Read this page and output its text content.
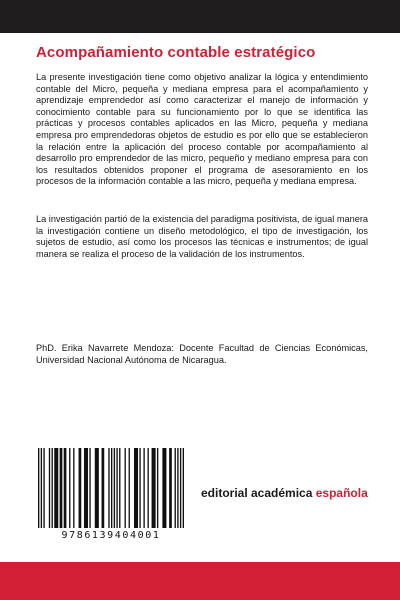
Acompañamiento contable estratégico

La presente investigación tiene como objetivo analizar la lógica y entendimiento contable del Micro, pequeña y mediana empresa para el acompañamiento y aprendizaje emprendedor así como caracterizar el manejo de información y conocimiento contable para su funcionamiento por lo que se identifica las prácticas y procesos contables aplicados en las Micro, pequeña y mediana empresa pro emprendedoras objetos de estudio es por ello que se establecieron la relación entre la aplicación del proceso contable por acompañamiento al desarrollo pro emprendedor de las micro, pequeño y mediano empresa para con los resultados obtenidos proponer el programa de asesoramiento en los procesos de la información contable a las micro, pequeña y mediana empresa.

La investigación partió de la existencia del paradigma positivista, de igual manera la investigación contiene un diseño metodológico, el tipo de investigación, los sujetos de estudio, así como los procesos las técnicas e instrumentos; de igual manera se realiza el proceso de la validación de los instrumentos.

PhD. Erika Navarrete Mendoza: Docente Facultad de Ciencias Económicas, Universidad Nacional Autónoma de Nicaragua.

9786139404001
editorial académica española
